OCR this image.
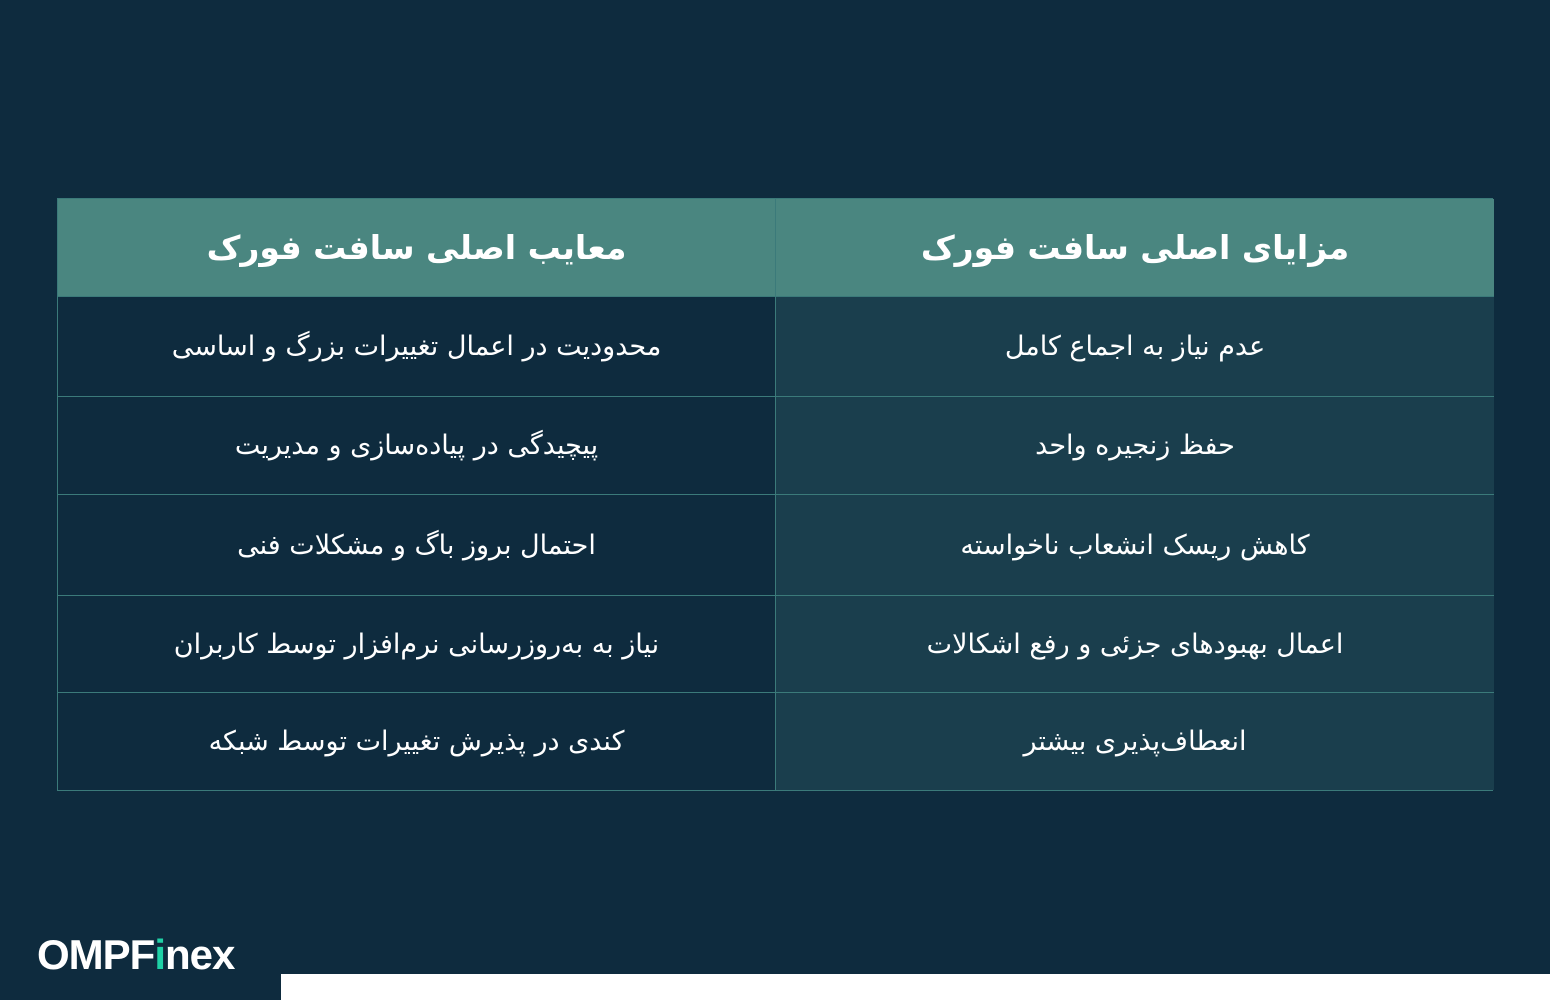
معایب اصلی سافت فورک	مزایای اصلی سافت فورک
محدودیت در اعمال تغییرات بزرگ و اساسی	عدم نیاز به اجماع کامل
پیچیدگی در پیاده‌سازی و مدیریت	حفظ زنجیره واحد
احتمال بروز باگ و مشکلات فنی	کاهش ریسک انشعاب ناخواسته
نیاز به به‌روزرسانی نرم‌افزار توسط کاربران	اعمال بهبودهای جزئی و رفع اشکالات
کندی در پذیرش تغییرات توسط شبکه	انعطاف‌پذیری بیشتر
OMPFinex
